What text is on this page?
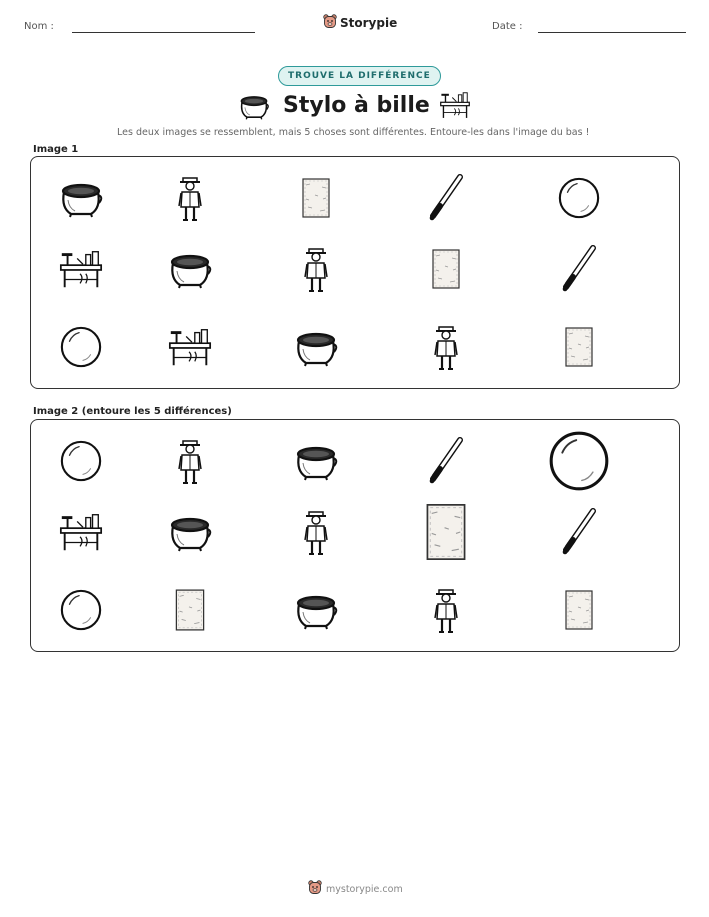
Nom :	Storypie	Date :
TROUVE LA DIFFÉRENCE
Stylo à bille
Les deux images se ressemblent, mais 5 choses sont différentes. Entoure-les dans l'image du bas !
Image 1
Image 2 (entoure les 5 différences)
mystorypie.com
